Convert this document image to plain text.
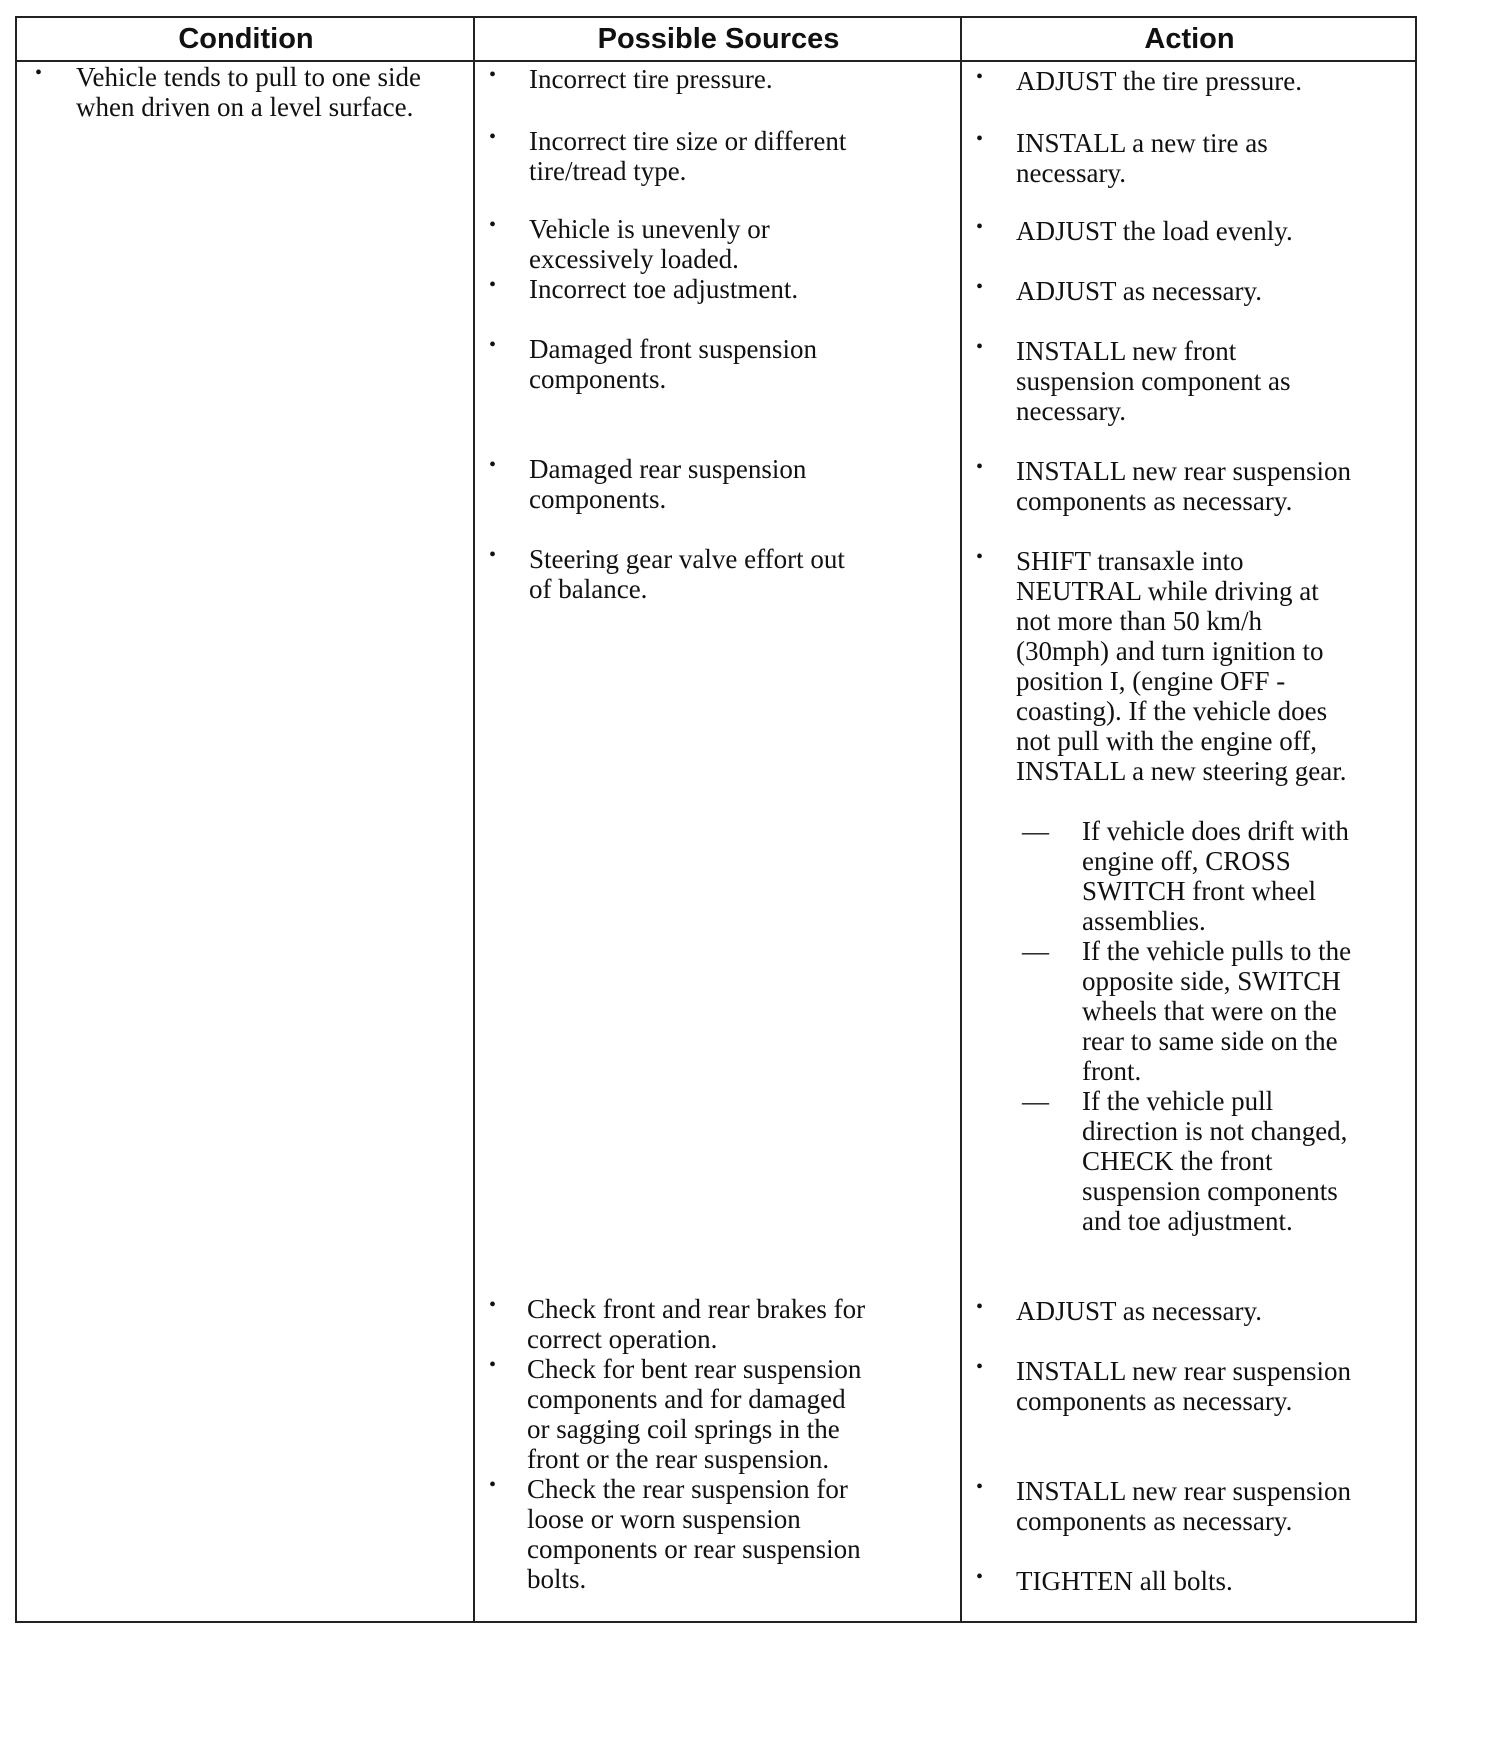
Condition	Possible Sources	Action
• Vehicle tends to pull to one side
when driven on a level surface.
• Incorrect tire pressure.
• Incorrect tire size or different
tire/tread type.
• Vehicle is unevenly or
excessively loaded.
• Incorrect toe adjustment.
• Damaged front suspension
components.
• Damaged rear suspension
components.
• Steering gear valve effort out
of balance.
• Check front and rear brakes for
correct operation.
• Check for bent rear suspension
components and for damaged
or sagging coil springs in the
front or the rear suspension.
• Check the rear suspension for
loose or worn suspension
components or rear suspension
bolts.
• ADJUST the tire pressure.
• INSTALL a new tire as
necessary.
• ADJUST the load evenly.
• ADJUST as necessary.
• INSTALL new front
suspension component as
necessary.
• INSTALL new rear suspension
components as necessary.
• SHIFT transaxle into
NEUTRAL while driving at
not more than 50 km/h
(30mph) and turn ignition to
position I, (engine OFF -
coasting). If the vehicle does
not pull with the engine off,
INSTALL a new steering gear.
— If vehicle does drift with
engine off, CROSS
SWITCH front wheel
assemblies.
— If the vehicle pulls to the
opposite side, SWITCH
wheels that were on the
rear to same side on the
front.
— If the vehicle pull
direction is not changed,
CHECK the front
suspension components
and toe adjustment.
• ADJUST as necessary.
• INSTALL new rear suspension
components as necessary.
• INSTALL new rear suspension
components as necessary.
• TIGHTEN all bolts.
